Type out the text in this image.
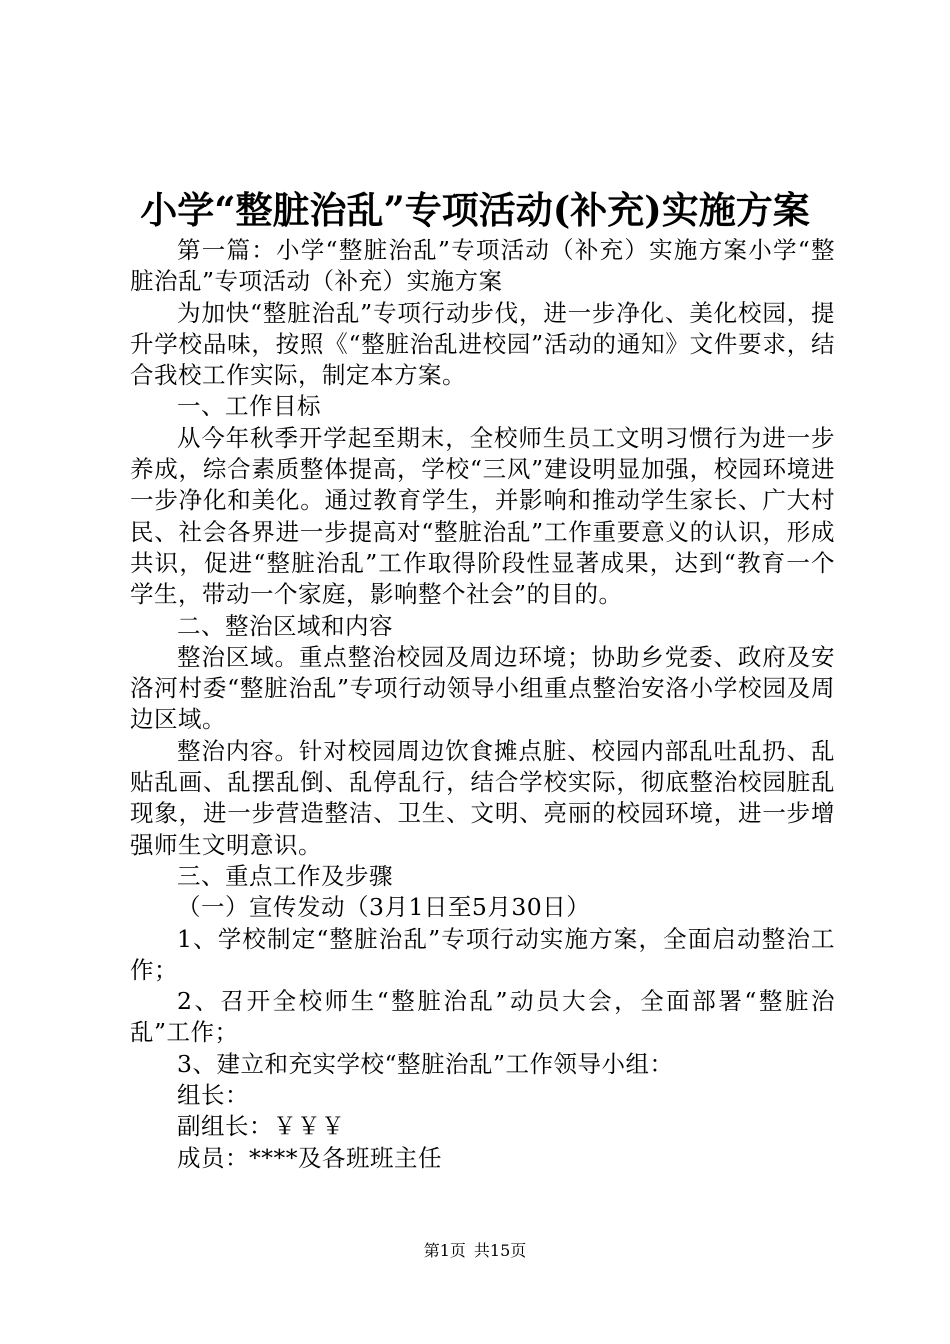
小学“整脏治乱”专项活动(补充)实施方案

第一篇：小学“整脏治乱”专项活动（补充）实施方案小学“整脏治乱”专项活动（补充）实施方案

为加快“整脏治乱”专项行动步伐，进一步净化、美化校园，提升学校品味，按照《“整脏治乱进校园”活动的通知》文件要求，结合我校工作实际，制定本方案。

一、工作目标

从今年秋季开学起至期末，全校师生员工文明习惯行为进一步养成，综合素质整体提高，学校“三风”建设明显加强，校园环境进一步净化和美化。通过教育学生，并影响和推动学生家长、广大村民、社会各界进一步提高对“整脏治乱”工作重要意义的认识，形成共识，促进“整脏治乱”工作取得阶段性显著成果，达到“教育一个学生，带动一个家庭，影响整个社会”的目的。

二、整治区域和内容

整治区域。重点整治校园及周边环境；协助乡党委、政府及安洛河村委“整脏治乱”专项行动领导小组重点整治安洛小学校园及周边区域。

整治内容。针对校园周边饮食摊点脏、校园内部乱吐乱扔、乱贴乱画、乱摆乱倒、乱停乱行，结合学校实际，彻底整治校园脏乱现象，进一步营造整洁、卫生、文明、亮丽的校园环境，进一步增强师生文明意识。

三、重点工作及步骤

（一）宣传发动（3月1日至5月30日）

1、学校制定“整脏治乱”专项行动实施方案，全面启动整治工作；

2、召开全校师生“整脏治乱”动员大会，全面部署“整脏治乱”工作；

3、建立和充实学校“整脏治乱”工作领导小组：

组长：

副组长：￥￥￥

成员：****及各班班主任

第1页 共15页
